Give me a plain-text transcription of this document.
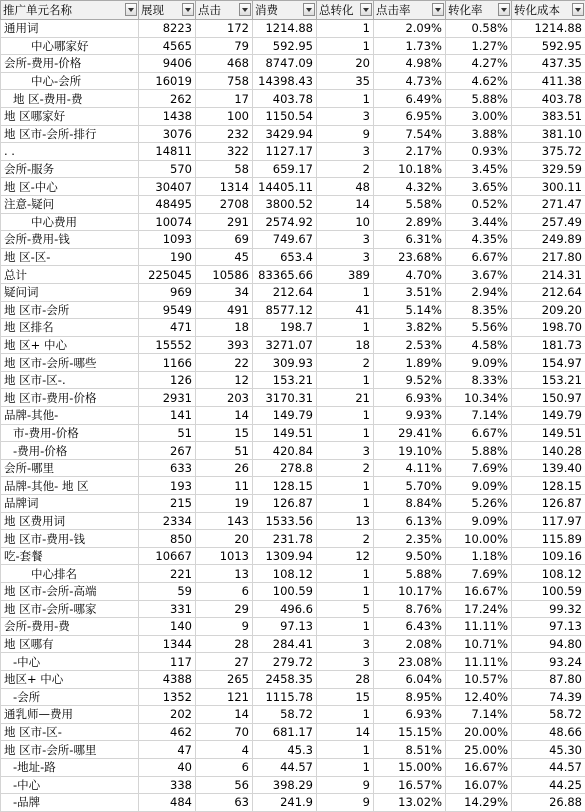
推广单元名称	展现	点击	消费	总转化	点击率	转化率	转化成本

通用词	8223	172	1214.88	1	2.09%	0.58%	1214.88
中心哪家好	4565	79	592.95	1	1.73%	1.27%	592.95
会所-费用-价格	9406	468	8747.09	20	4.98%	4.27%	437.35
中心-会所	16019	758	14398.43	35	4.73%	4.62%	411.38
地 区-费用-费	262	17	403.78	1	6.49%	5.88%	403.78
地 区哪家好	1438	100	1150.54	3	6.95%	3.00%	383.51
地 区市-会所-排行	3076	232	3429.94	9	7.54%	3.88%	381.10
. .	14811	322	1127.17	3	2.17%	0.93%	375.72
会所-服务	570	58	659.17	2	10.18%	3.45%	329.59
地 区-中心	30407	1314	14405.11	48	4.32%	3.65%	300.11
注意-疑问	48495	2708	3800.52	14	5.58%	0.52%	271.47
中心费用	10074	291	2574.92	10	2.89%	3.44%	257.49
会所-费用-钱	1093	69	749.67	3	6.31%	4.35%	249.89
地 区-区-	190	45	653.4	3	23.68%	6.67%	217.80
总计	225045	10586	83365.66	389	4.70%	3.67%	214.31
疑问词	969	34	212.64	1	3.51%	2.94%	212.64
地 区市-会所	9549	491	8577.12	41	5.14%	8.35%	209.20
地 区排名	471	18	198.7	1	3.82%	5.56%	198.70
地 区+ 中心	15552	393	3271.07	18	2.53%	4.58%	181.73
地 区市-会所-哪些	1166	22	309.93	2	1.89%	9.09%	154.97
地 区市-区-.	126	12	153.21	1	9.52%	8.33%	153.21
地 区市-费用-价格	2931	203	3170.31	21	6.93%	10.34%	150.97
品牌-其他-	141	14	149.79	1	9.93%	7.14%	149.79
市-费用-价格	51	15	149.51	1	29.41%	6.67%	149.51
-费用-价格	267	51	420.84	3	19.10%	5.88%	140.28
会所-哪里	633	26	278.8	2	4.11%	7.69%	139.40
品牌-其他- 地 区	193	11	128.15	1	5.70%	9.09%	128.15
品牌词	215	19	126.87	1	8.84%	5.26%	126.87
地 区费用词	2334	143	1533.56	13	6.13%	9.09%	117.97
地 区市-费用-钱	850	20	231.78	2	2.35%	10.00%	115.89
吃-套餐	10667	1013	1309.94	12	9.50%	1.18%	109.16
中心排名	221	13	108.12	1	5.88%	7.69%	108.12
地 区市-会所-高端	59	6	100.59	1	10.17%	16.67%	100.59
地 区市-会所-哪家	331	29	496.6	5	8.76%	17.24%	99.32
会所-费用-费	140	9	97.13	1	6.43%	11.11%	97.13
地 区哪有	1344	28	284.41	3	2.08%	10.71%	94.80
-中心	117	27	279.72	3	23.08%	11.11%	93.24
地区+ 中心	4388	265	2458.35	28	6.04%	10.57%	87.80
-会所	1352	121	1115.78	15	8.95%	12.40%	74.39
通乳师—费用	202	14	58.72	1	6.93%	7.14%	58.72
地 区市-区-	462	70	681.17	14	15.15%	20.00%	48.66
地 区市-会所-哪里	47	4	45.3	1	8.51%	25.00%	45.30
-地址-路	40	6	44.57	1	15.00%	16.67%	44.57
-中心	338	56	398.29	9	16.57%	16.07%	44.25
-品牌	484	63	241.9	9	13.02%	14.29%	26.88
